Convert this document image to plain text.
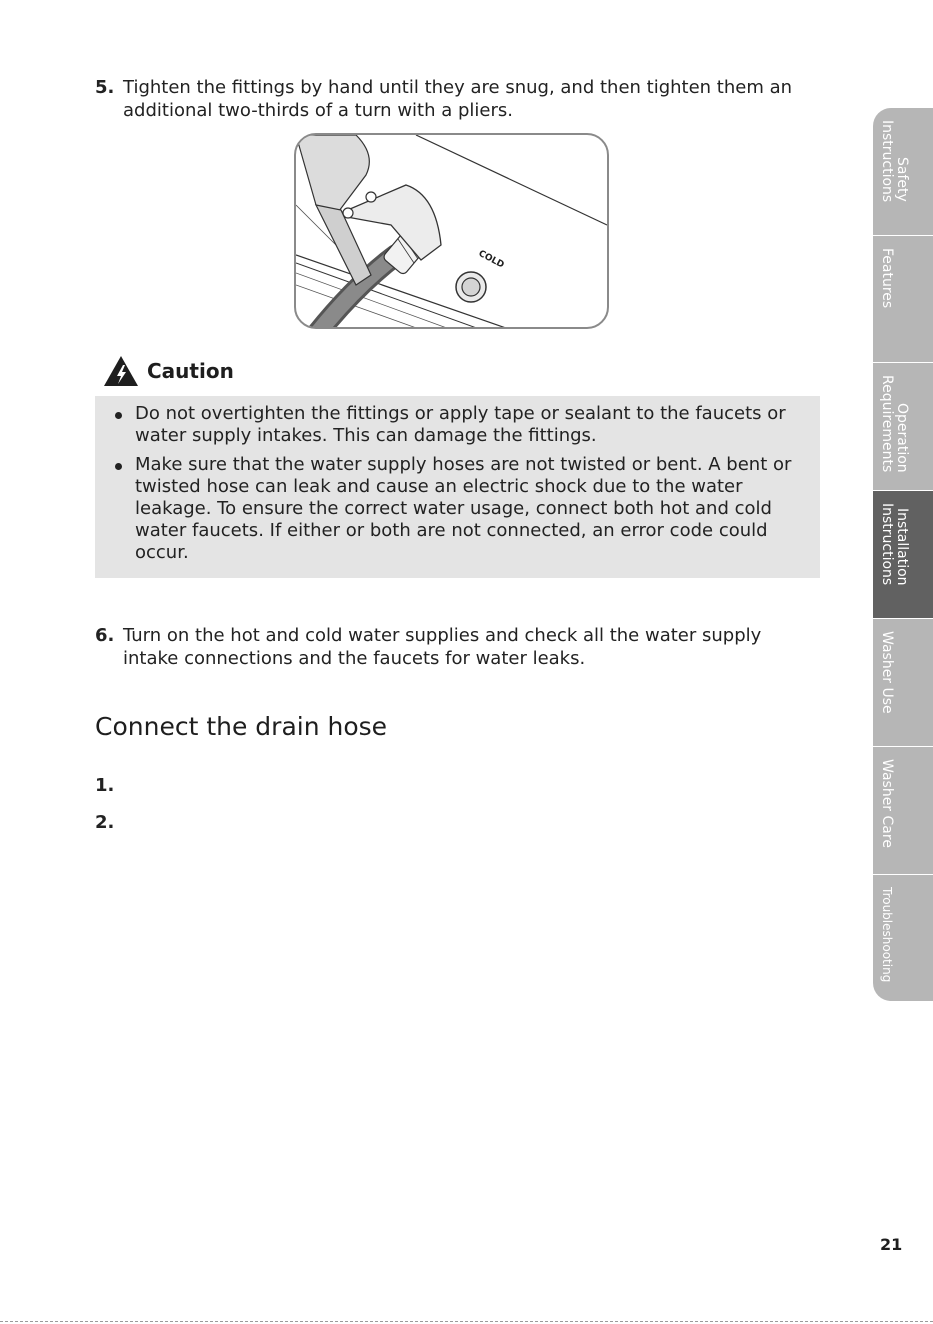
5. Tighten the fittings by hand until they are snug, and then tighten them an additional two-thirds of a turn with a pliers.
COLD
Caution
Do not overtighten the fittings or apply tape or sealant to the faucets or water supply intakes. This can damage the fittings.
Make sure that the water supply hoses are not twisted or bent. A bent or twisted hose can leak and cause an electric shock due to the water leakage. To ensure the correct water usage, connect both hot and cold water faucets. If either or both are not connected, an error code could occur.
6. Turn on the hot and cold water supplies and check all the water supply intake connections and the faucets for water leaks.
Connect the drain hose
1.
2.
Safety
Instructions
Features
Operation
Requirements
Installation
Instructions
Washer Use
Washer Care
Troubleshooting
21
